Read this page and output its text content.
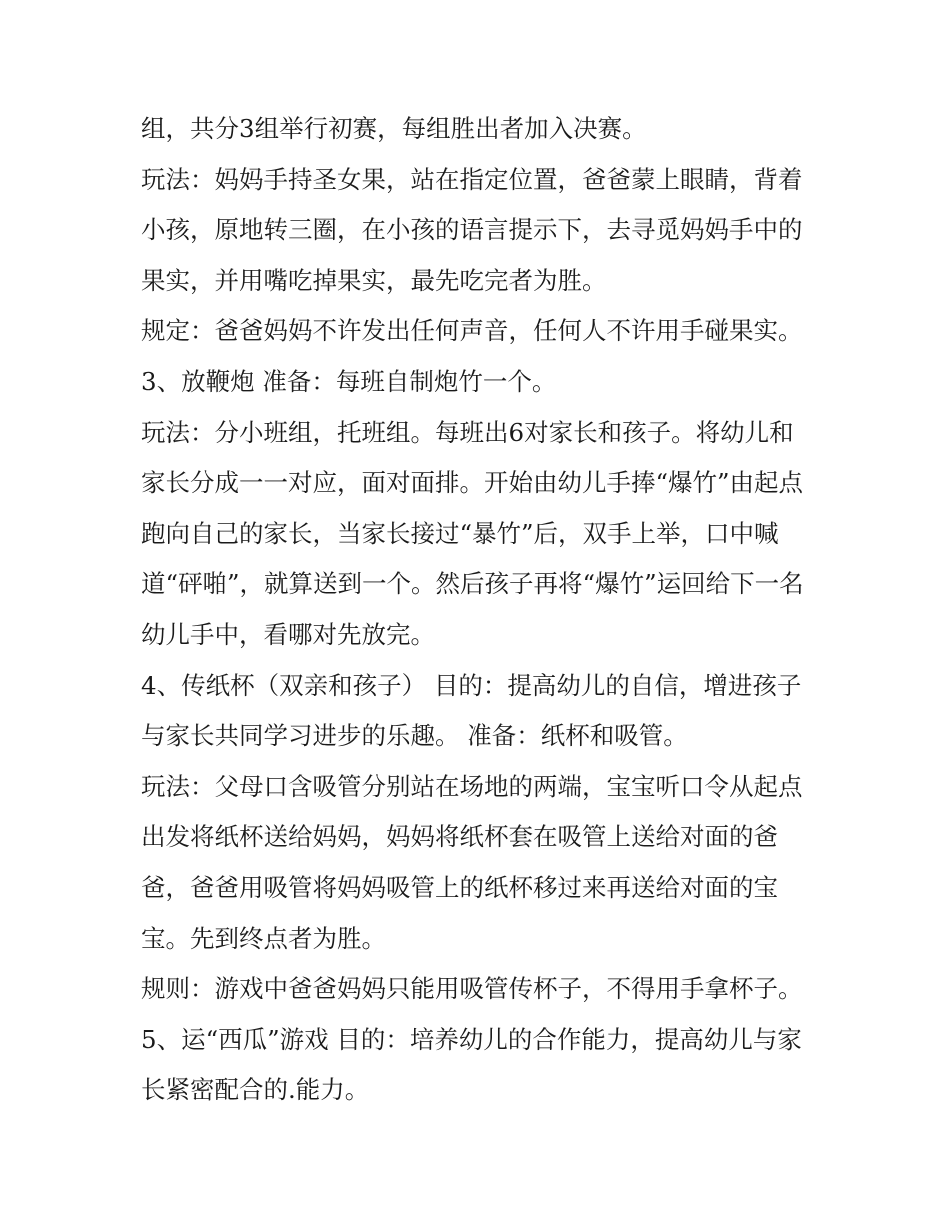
组，共分3组举行初赛，每组胜出者加入决赛。
玩法：妈妈手持圣女果，站在指定位置，爸爸蒙上眼睛，背着
小孩，原地转三圈，在小孩的语言提示下，去寻觅妈妈手中的
果实，并用嘴吃掉果实，最先吃完者为胜。
规定：爸爸妈妈不许发出任何声音，任何人不许用手碰果实。
3、放鞭炮 准备：每班自制炮竹一个。
玩法：分小班组，托班组。每班出6对家长和孩子。将幼儿和
家长分成一一对应，面对面排。开始由幼儿手捧“爆竹”由起点
跑向自己的家长，当家长接过“暴竹”后，双手上举，口中喊
道“砰啪”，就算送到一个。然后孩子再将“爆竹”运回给下一名
幼儿手中，看哪对先放完。
4、传纸杯（双亲和孩子） 目的：提高幼儿的自信，增进孩子
与家长共同学习进步的乐趣。 准备：纸杯和吸管。
玩法：父母口含吸管分别站在场地的两端，宝宝听口令从起点
出发将纸杯送给妈妈，妈妈将纸杯套在吸管上送给对面的爸
爸，爸爸用吸管将妈妈吸管上的纸杯移过来再送给对面的宝
宝。先到终点者为胜。
规则：游戏中爸爸妈妈只能用吸管传杯子，不得用手拿杯子。
5、运“西瓜”游戏 目的：培养幼儿的合作能力，提高幼儿与家
长紧密配合的.能力。
